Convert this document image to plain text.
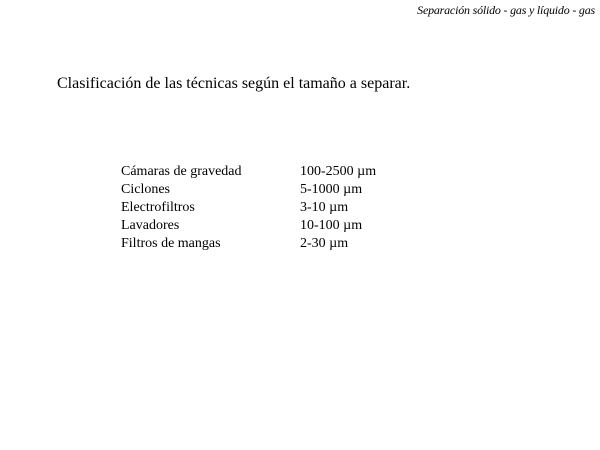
Separación sólido - gas y líquido - gas
Clasificación de las técnicas según el tamaño a separar.
Cámaras de gravedad	100-2500 µm
Ciclones	5-1000 µm
Electrofiltros	3-10 µm
Lavadores	10-100 µm
Filtros de mangas	2-30 µm
